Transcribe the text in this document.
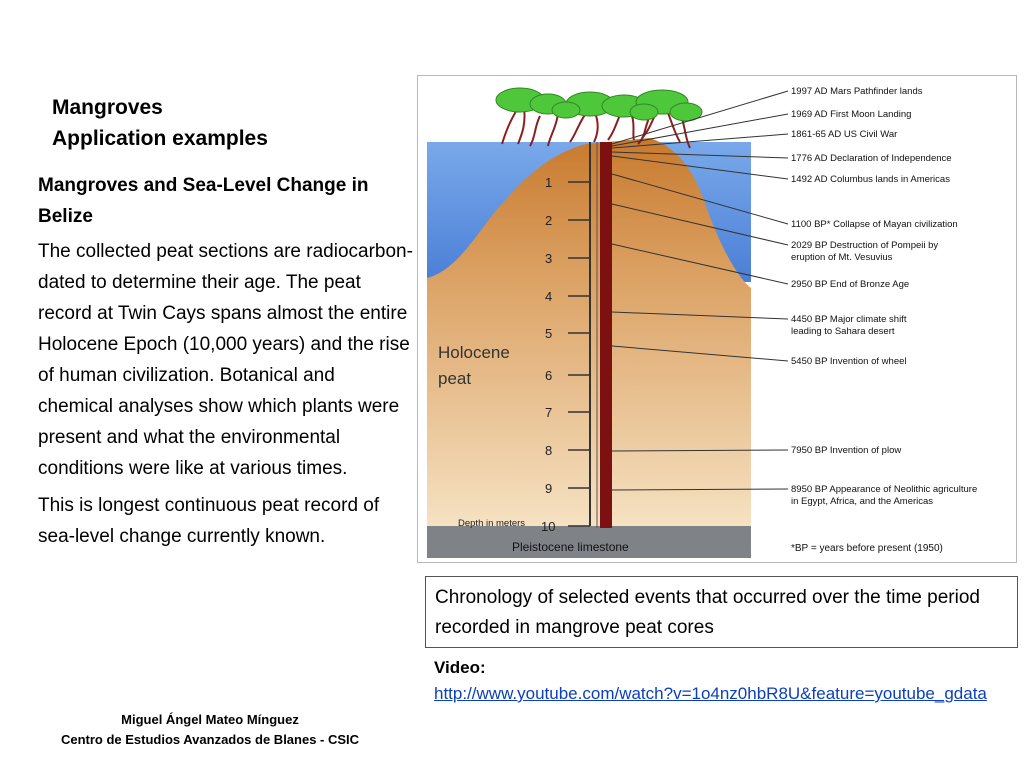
Mangroves
Application examples

Mangroves and Sea-Level Change in Belize

The collected peat sections are radiocarbon-dated to determine their age. The peat record at Twin Cays spans almost the entire Holocene Epoch (10,000 years) and the rise of human civilization. Botanical and chemical analyses show which plants were present and what the environmental conditions were like at various times.

This is longest continuous peat record of sea-level change currently known.

Miguel Ángel Mateo Mínguez
Centro de Estudios Avanzados de Blanes - CSIC
1
2
3
4
5
6
7
8
9
10
Holocene
peat
Depth in meters
Pleistocene limestone	*BP = years before present (1950)
1997 AD Mars Pathfinder lands
1969 AD First Moon Landing
1861-65 AD US Civil War
1776 AD Declaration of Independence
1492 AD Columbus lands in Americas
1100 BP* Collapse of Mayan civilization
2029 BP Destruction of Pompeii by
eruption of Mt. Vesuvius
2950 BP End of Bronze Age
4450 BP Major climate shift
leading to Sahara desert
5450 BP Invention of wheel
7950 BP Invention of plow
8950 BP Appearance of Neolithic agriculture
in Egypt, Africa, and the Americas
Chronology of selected events that occurred over the time period recorded in mangrove peat cores
Video:
http://www.youtube.com/watch?v=1o4nz0hbR8U&feature=youtube_gdata
